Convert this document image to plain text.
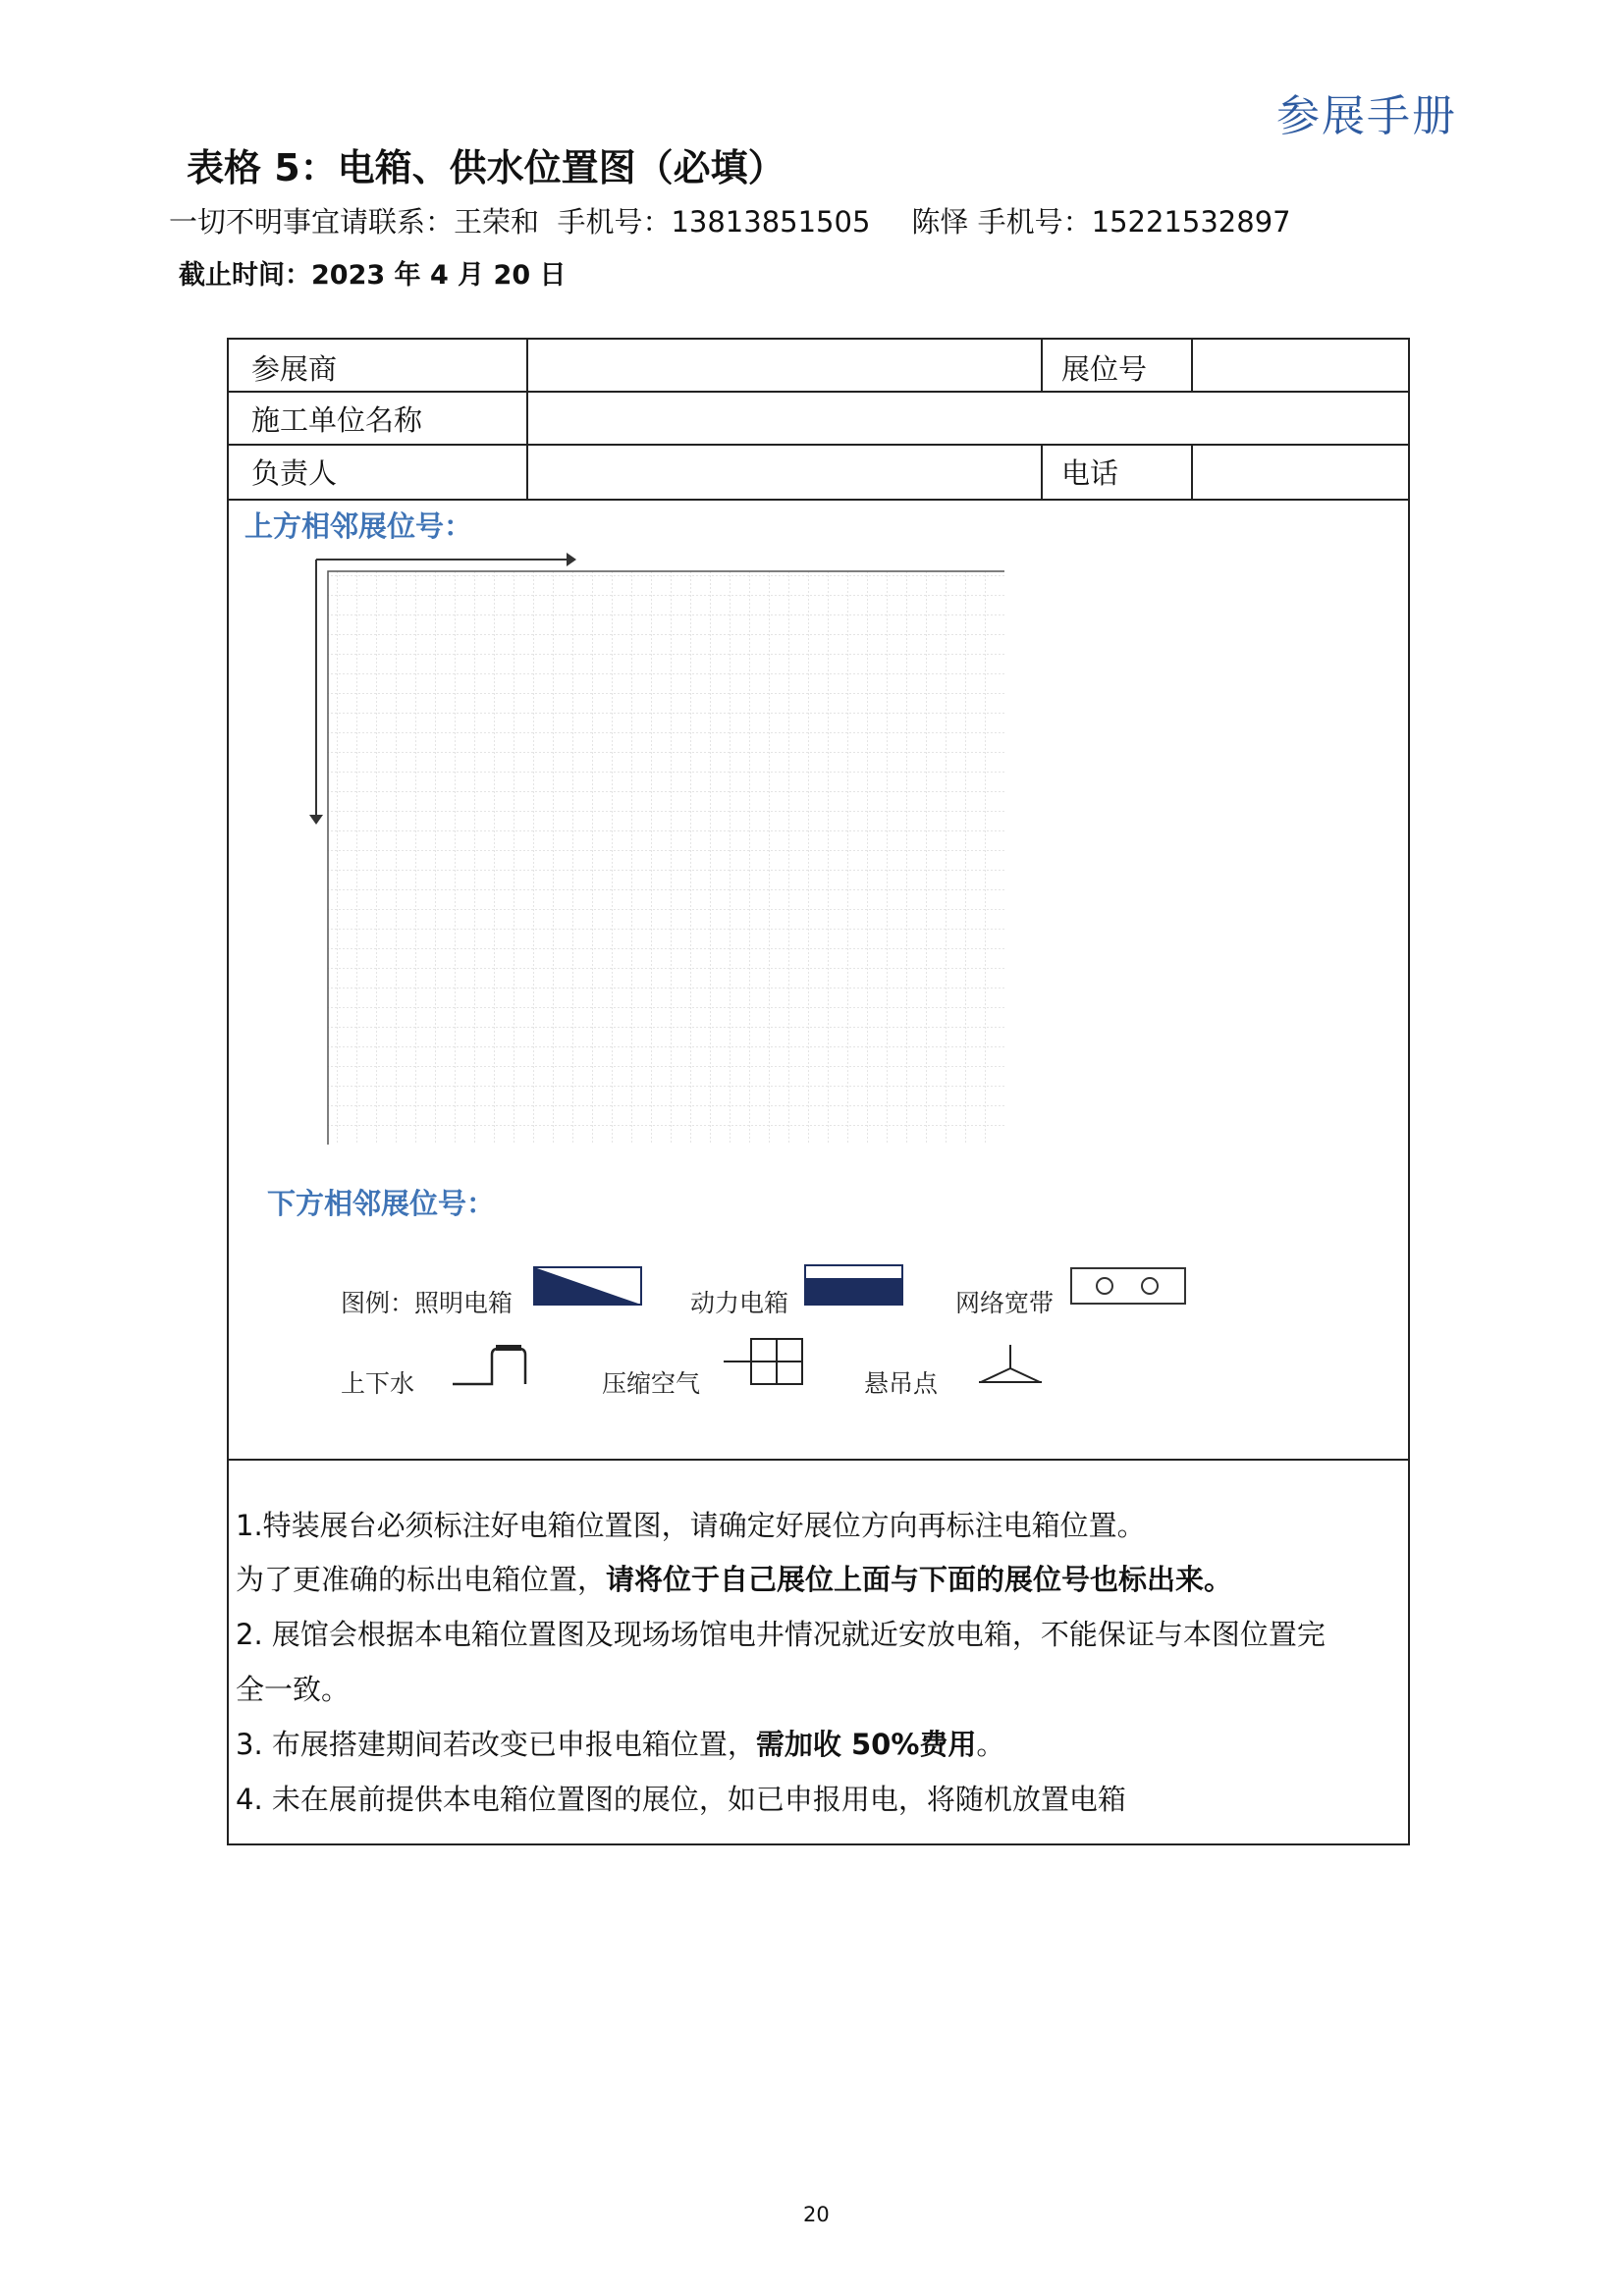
参展手册
表格 5：电箱、供水位置图（必填）
一切不明事宜请联系：王荣和  手机号：13813851505 陈怿 手机号：15221532897
截止时间：2023 年 4 月 20 日
参展商	展位号
施工单位名称
负责人	电话
上方相邻展位号：
下方相邻展位号：
图例：照明电箱	动力电箱	网络宽带
上下水	压缩空气	悬吊点
1.特装展台必须标注好电箱位置图，请确定好展位方向再标注电箱位置。
为了更准确的标出电箱位置，请将位于自己展位上面与下面的展位号也标出来。
2. 展馆会根据本电箱位置图及现场场馆电井情况就近安放电箱，不能保证与本图位置完
全一致。
3. 布展搭建期间若改变已申报电箱位置，需加收 50%费用。
4. 未在展前提供本电箱位置图的展位，如已申报用电，将随机放置电箱
20
